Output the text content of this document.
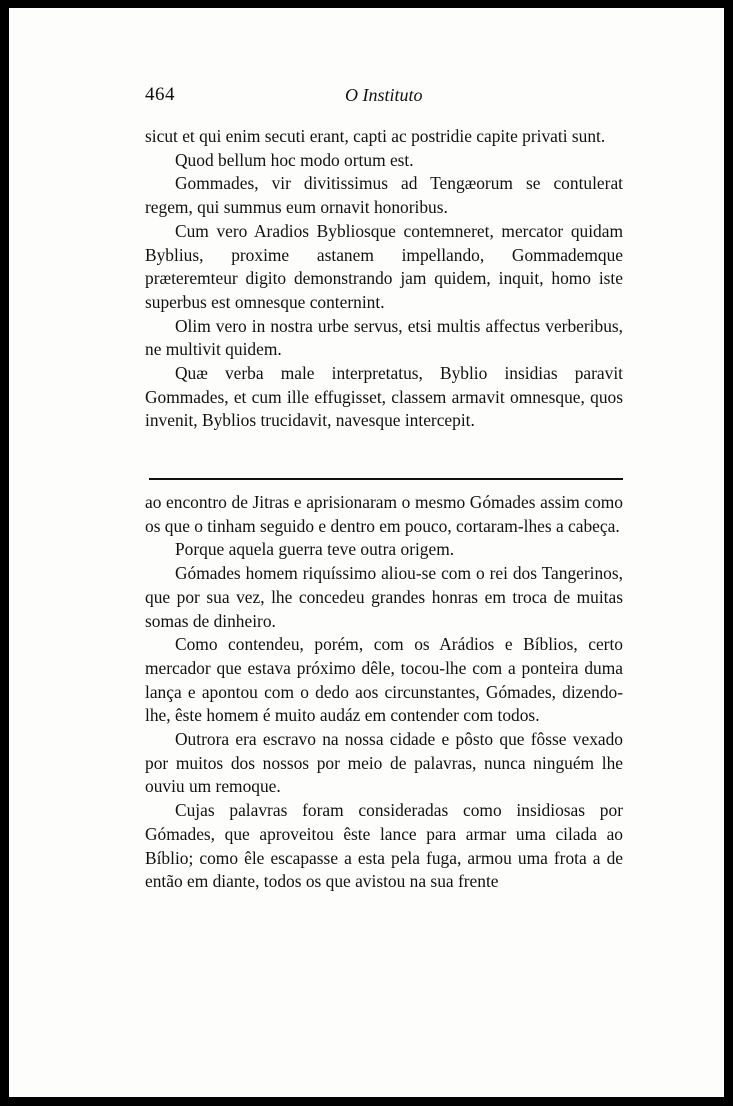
464	O Instituto

sicut et qui enim secuti erant, capti ac postridie capite privati sunt.

Quod bellum hoc modo ortum est.

Gommades, vir divitissimus ad Tengæorum se contulerat regem, qui summus eum ornavit honoribus.

Cum vero Aradios Bybliosque contemneret, mercator quidam Byblius, proxime astanem impellando, Gommademque præteremteur digito demonstrando jam quidem, inquit, homo iste superbus est omnesque conternint.

Olim vero in nostra urbe servus, etsi multis affectus verberibus, ne multivit quidem.

Quæ verba male interpretatus, Byblio insidias paravit Gommades, et cum ille effugisset, classem armavit omnesque, quos invenit, Byblios trucidavit, navesque intercepit.

ao encontro de Jitras e aprisionaram o mesmo Gómades assim como os que o tinham seguido e dentro em pouco, cortaram-lhes a cabeça.

Porque aquela guerra teve outra origem.

Gómades homem riquíssimo aliou-se com o rei dos Tangerinos, que por sua vez, lhe concedeu grandes honras em troca de muitas somas de dinheiro.

Como contendeu, porém, com os Arádios e Bíblios, certo mercador que estava próximo dêle, tocou-lhe com a ponteira duma lança e apontou com o dedo aos circunstantes, Gómades, dizendo-lhe, êste homem é muito audáz em contender com todos.

Outrora era escravo na nossa cidade e pôsto que fôsse vexado por muitos dos nossos por meio de palavras, nunca ninguém lhe ouviu um remoque.

Cujas palavras foram consideradas como insidiosas por Gómades, que aproveitou êste lance para armar uma cilada ao Bíblio; como êle escapasse a esta pela fuga, armou uma frota a de então em diante, todos os que avistou na sua frente
